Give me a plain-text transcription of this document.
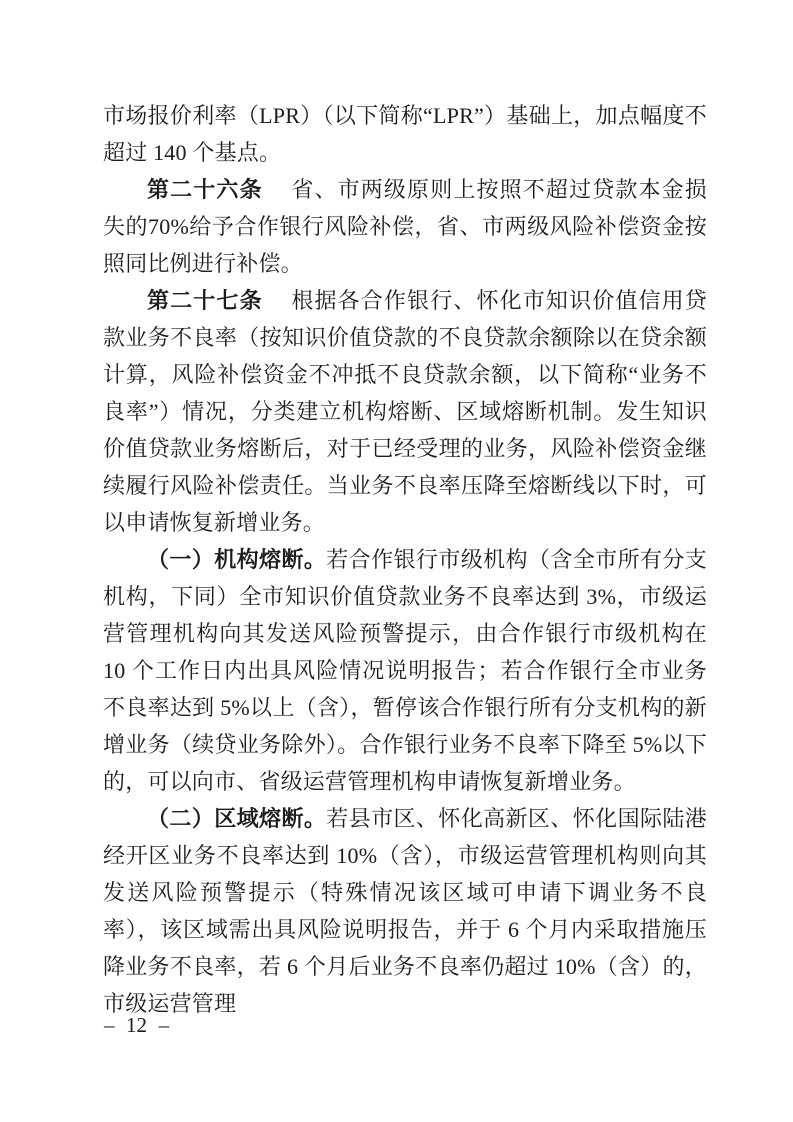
市场报价利率（LPR）（以下简称“LPR”）基础上，加点幅度不超过 140 个基点。

第二十六条 省、市两级原则上按照不超过贷款本金损失的70%给予合作银行风险补偿，省、市两级风险补偿资金按照同比例进行补偿。

第二十七条 根据各合作银行、怀化市知识价值信用贷款业务不良率（按知识价值贷款的不良贷款余额除以在贷余额计算，风险补偿资金不冲抵不良贷款余额，以下简称“业务不良率”）情况，分类建立机构熔断、区域熔断机制。发生知识价值贷款业务熔断后，对于已经受理的业务，风险补偿资金继续履行风险补偿责任。当业务不良率压降至熔断线以下时，可以申请恢复新增业务。

（一）机构熔断。若合作银行市级机构（含全市所有分支机构，下同）全市知识价值贷款业务不良率达到 3%，市级运营管理机构向其发送风险预警提示，由合作银行市级机构在 10 个工作日内出具风险情况说明报告；若合作银行全市业务不良率达到 5%以上（含），暂停该合作银行所有分支机构的新增业务（续贷业务除外）。合作银行业务不良率下降至 5%以下的，可以向市、省级运营管理机构申请恢复新增业务。

（二）区域熔断。若县市区、怀化高新区、怀化国际陆港经开区业务不良率达到 10%（含），市级运营管理机构则向其发送风险预警提示（特殊情况该区域可申请下调业务不良率），该区域需出具风险说明报告，并于 6 个月内采取措施压降业务不良率，若 6 个月后业务不良率仍超过 10%（含）的，市级运营管理

– 12 –
